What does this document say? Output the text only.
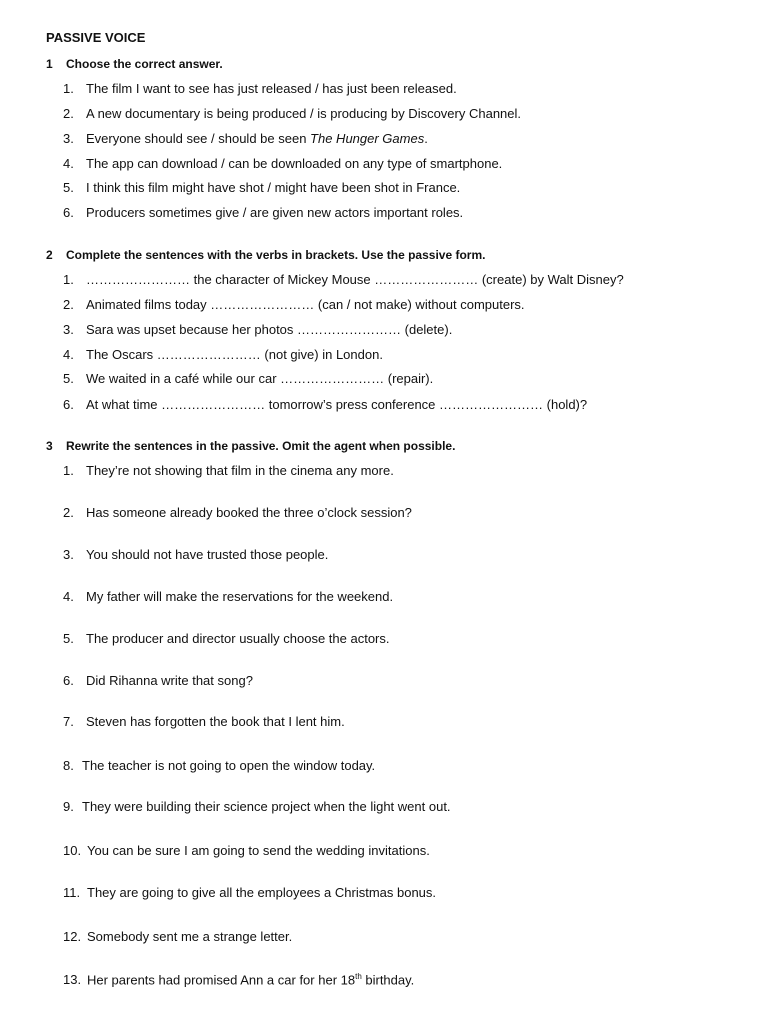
PASSIVE VOICE
1 Choose the correct answer.
1. The film I want to see has just released / has just been released.
2. A new documentary is being produced / is producing by Discovery Channel.
3. Everyone should see / should be seen The Hunger Games.
4. The app can download / can be downloaded on any type of smartphone.
5. I think this film might have shot / might have been shot in France.
6. Producers sometimes give / are given new actors important roles.
2 Complete the sentences with the verbs in brackets. Use the passive form.
1. …………………… the character of Mickey Mouse …………………… (create) by Walt Disney?
2. Animated films today …………………… (can / not make) without computers.
3. Sara was upset because her photos …………………… (delete).
4. The Oscars …………………… (not give) in London.
5. We waited in a café while our car …………………… (repair).
6. At what time …………………… tomorrow’s press conference …………………… (hold)?
3 Rewrite the sentences in the passive. Omit the agent when possible.
1. They’re not showing that film in the cinema any more.
2. Has someone already booked the three o’clock session?
3. You should not have trusted those people.
4. My father will make the reservations for the weekend.
5. The producer and director usually choose the actors.
6. Did Rihanna write that song?
7. Steven has forgotten the book that I lent him.
8. The teacher is not going to open the window today.
9. They were building their science project when the light went out.
10. You can be sure I am going to send the wedding invitations.
11. They are going to give all the employees a Christmas bonus.
12. Somebody sent me a strange letter.
13. Her parents had promised Ann a car for her 18th birthday.
